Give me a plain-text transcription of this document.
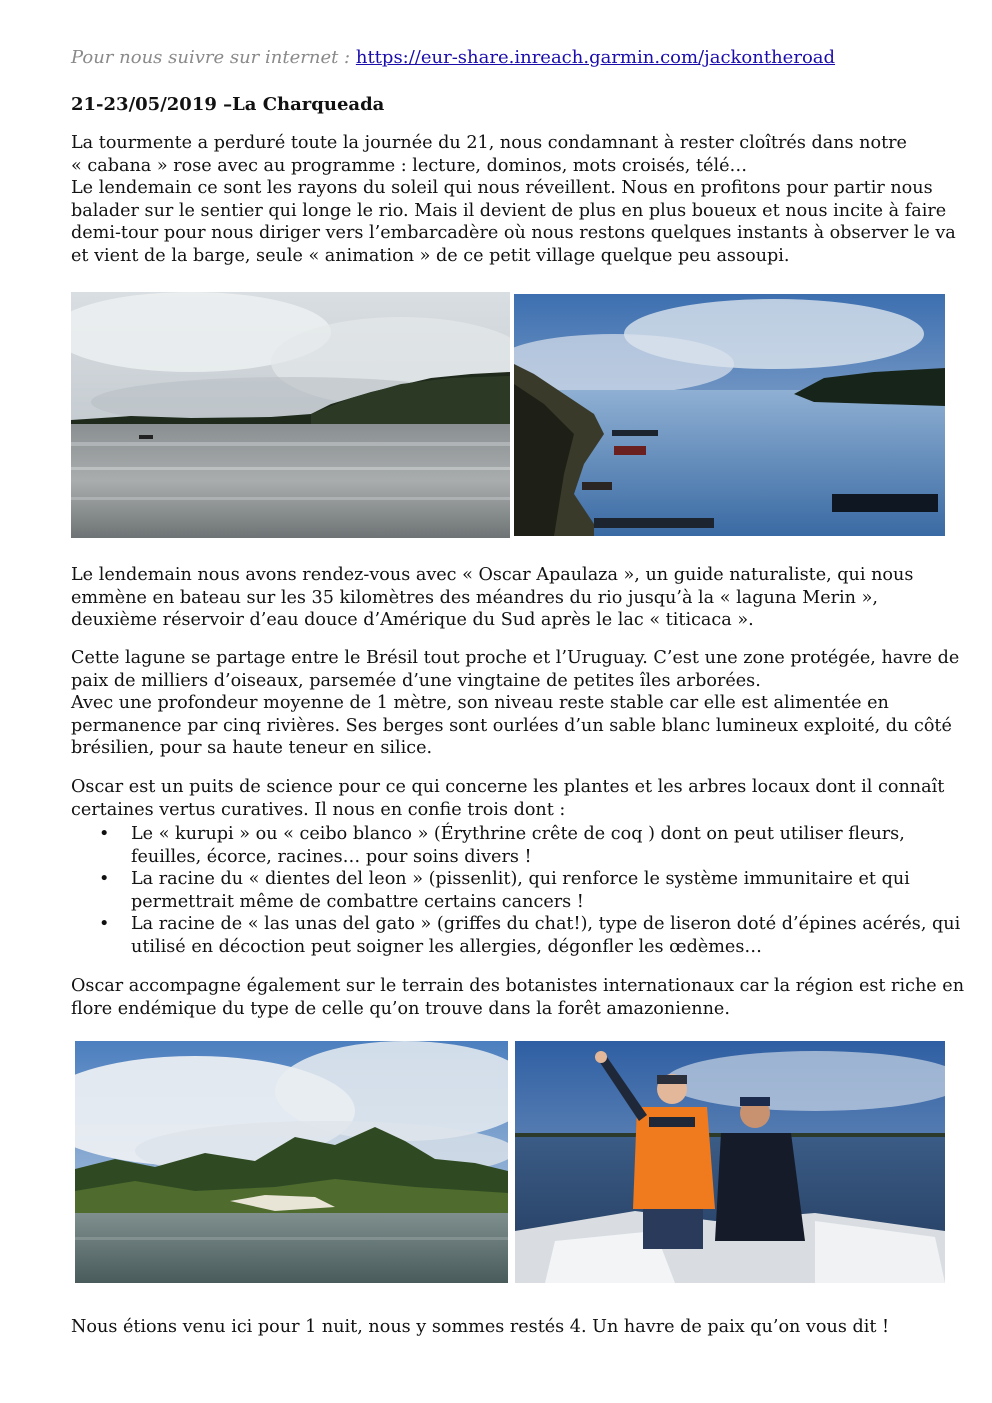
Pour nous suivre sur internet : https://eur-share.inreach.garmin.com/jackontheroad
21-23/05/2019 –La Charqueada

La tourmente a perduré toute la journée du 21, nous condamnant à rester cloîtrés dans notre
« cabana » rose avec au programme : lecture, dominos, mots croisés, télé…
Le lendemain ce sont les rayons du soleil qui nous réveillent. Nous en profitons pour partir nous
balader sur le sentier qui longe le rio. Mais il devient de plus en plus boueux et nous incite à faire
demi-tour pour nous diriger vers l’embarcadère où nous restons quelques instants à observer le va
et vient de la barge, seule « animation » de ce petit village quelque peu assoupi.

Le lendemain nous avons rendez-vous avec « Oscar Apaulaza », un guide naturaliste, qui nous
emmène en bateau sur les 35 kilomètres des méandres du rio jusqu’à la « laguna Merin »,
deuxième réservoir d’eau douce d’Amérique du Sud après le lac « titicaca ».

Cette lagune se partage entre le Brésil tout proche et l’Uruguay. C’est une zone protégée, havre de
paix de milliers d’oiseaux, parsemée d’une vingtaine de petites îles arborées.
Avec une profondeur moyenne de 1 mètre, son niveau reste stable car elle est alimentée en
permanence par cinq rivières. Ses berges sont ourlées d’un sable blanc lumineux exploité, du côté
brésilien, pour sa haute teneur en silice.

Oscar est un puits de science pour ce qui concerne les plantes et les arbres locaux dont il connaît
certaines vertus curatives. Il nous en confie trois dont :

• Le « kurupi » ou « ceibo blanco » (Érythrine crête de coq ) dont on peut utiliser fleurs,
feuilles, écorce, racines… pour soins divers !
• La racine du « dientes del leon » (pissenlit), qui renforce le système immunitaire et qui
permettrait même de combattre certains cancers !
• La racine de « las unas del gato » (griffes du chat!), type de liseron doté d’épines acérés, qui
utilisé en décoction peut soigner les allergies, dégonfler les œdèmes…

Oscar accompagne également sur le terrain des botanistes internationaux car la région est riche en
flore endémique du type de celle qu’on trouve dans la forêt amazonienne.

Nous étions venu ici pour 1 nuit, nous y sommes restés 4. Un havre de paix qu’on vous dit !
